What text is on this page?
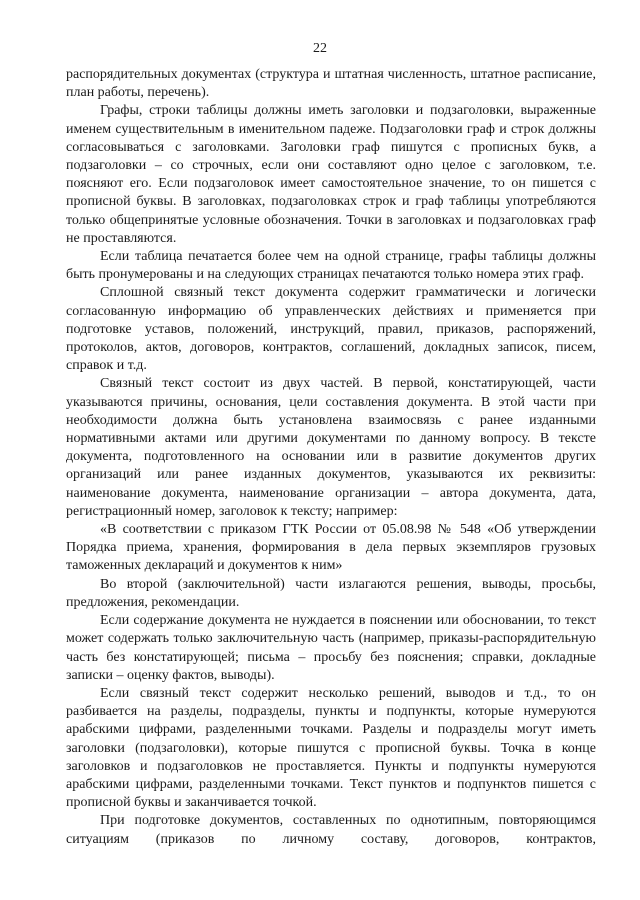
22

распорядительных документах (структура и штатная численность, штатное расписание, план работы, перечень).

Графы, строки таблицы должны иметь заголовки и подзаголовки, выраженные именем существительным в именительном падеже. Подзаголовки граф и строк должны согласовываться с заголовками. Заголовки граф пишутся с прописных букв, а подзаголовки – со строчных, если они составляют одно целое с заголовком, т.е. поясняют его. Если подзаголовок имеет самостоятельное значение, то он пишется с прописной буквы. В заголовках, подзаголовках строк и граф таблицы употребляются только общепринятые условные обозначения. Точки в заголовках и подзаголовках граф не проставляются.

Если таблица печатается более чем на одной странице, графы таблицы должны быть пронумерованы и на следующих страницах печатаются только номера этих граф.

Сплошной связный текст документа содержит грамматически и логически согласованную информацию об управленческих действиях и применяется при подготовке уставов, положений, инструкций, правил, приказов, распоряжений, протоколов, актов, договоров, контрактов, соглашений, докладных записок, писем, справок и т.д.

Связный текст состоит из двух частей. В первой, констатирующей, части указываются причины, основания, цели составления документа. В этой части при необходимости должна быть установлена взаимосвязь с ранее изданными нормативными актами или другими документами по данному вопросу. В тексте документа, подготовленного на основании или в развитие документов других организаций или ранее изданных документов, указываются их реквизиты: наименование документа, наименование организации – автора документа, дата, регистрационный номер, заголовок к тексту; например:

«В соответствии с приказом ГТК России от 05.08.98 № 548 «Об утверждении Порядка приема, хранения, формирования в дела первых экземпляров грузовых таможенных деклараций и документов к ним»

Во второй (заключительной) части излагаются решения, выводы, просьбы, предложения, рекомендации.

Если содержание документа не нуждается в пояснении или обосновании, то текст может содержать только заключительную часть (например, приказы-распорядительную часть без констатирующей; письма – просьбу без пояснения; справки, докладные записки – оценку фактов, выводы).

Если связный текст содержит несколько решений, выводов и т.д., то он разбивается на разделы, подразделы, пункты и подпункты, которые нумеруются арабскими цифрами, разделенными точками. Разделы и подразделы могут иметь заголовки (подзаголовки), которые пишутся с прописной буквы. Точка в конце заголовков и подзаголовков не проставляется. Пункты и подпункты нумеруются арабскими цифрами, разделенными точками. Текст пунктов и подпунктов пишется с прописной буквы и заканчивается точкой.

При подготовке документов, составленных по однотипным, повторяющимся ситуациям (приказов по личному составу, договоров, контрактов,
